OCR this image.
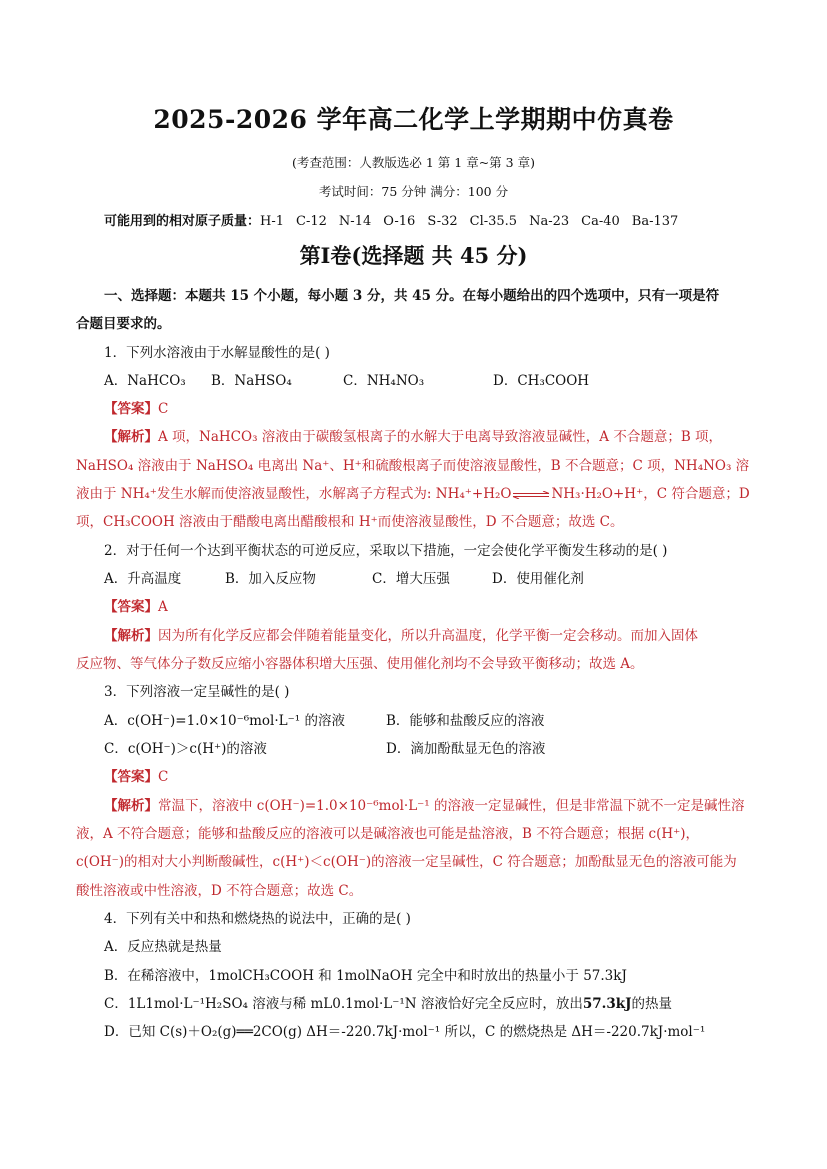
2025-2026 学年高二化学上学期期中仿真卷
(考查范围：人教版选必 1 第 1 章~第 3 章)
考试时间：75 分钟 满分：100 分
可能用到的相对原子质量：H-1 C-12 N-14 O-16 S-32 Cl-35.5 Na-23 Ca-40 Ba-137
第Ⅰ卷(选择题 共 45 分)
一、选择题：本题共 15 个小题，每小题 3 分，共 45 分。在每小题给出的四个选项中，只有一项是符
合题目要求的。
1．下列水溶液由于水解显酸性的是( )
A．NaHCO₃ B．NaHSO₄	C．NH₄NO₃	D．CH₃COOH
【答案】C
【解析】A 项，NaHCO₃ 溶液由于碳酸氢根离子的水解大于电离导致溶液显碱性，A 不合题意；B 项，
NaHSO₄ 溶液由于 NaHSO₄ 电离出 Na⁺、H⁺和硫酸根离子而使溶液显酸性，B 不合题意；C 项，NH₄NO₃ 溶
液由于 NH₄⁺发生水解而使溶液显酸性，水解离子方程式为: NH₄⁺+H₂O⇌NH₃·H₂O+H⁺，C 符合题意；D
项，CH₃COOH 溶液由于醋酸电离出醋酸根和 H⁺而使溶液显酸性，D 不合题意；故选 C。
2．对于任何一个达到平衡状态的可逆反应，采取以下措施，一定会使化学平衡发生移动的是( )
A．升高温度	B．加入反应物	C．增大压强	D．使用催化剂
【答案】A
【解析】因为所有化学反应都会伴随着能量变化，所以升高温度，化学平衡一定会移动。而加入固体
反应物、等气体分子数反应缩小容器体积增大压强、使用催化剂均不会导致平衡移动；故选 A。
3．下列溶液一定呈碱性的是( )
A．c(OH⁻)=1.0×10⁻⁶mol·L⁻¹ 的溶液	B．能够和盐酸反应的溶液
C．c(OH⁻)＞c(H⁺)的溶液	D．滴加酚酞显无色的溶液
【答案】C
【解析】常温下，溶液中 c(OH⁻)=1.0×10⁻⁶mol·L⁻¹ 的溶液一定显碱性，但是非常温下就不一定是碱性溶
液，A 不符合题意；能够和盐酸反应的溶液可以是碱溶液也可能是盐溶液，B 不符合题意；根据 c(H⁺)，
c(OH⁻)的相对大小判断酸碱性，c(H⁺)＜c(OH⁻)的溶液一定呈碱性，C 符合题意；加酚酞显无色的溶液可能为
酸性溶液或中性溶液，D 不符合题意；故选 C。
4．下列有关中和热和燃烧热的说法中，正确的是( )
A．反应热就是热量
B．在稀溶液中，1molCH₃COOH 和 1molNaOH 完全中和时放出的热量小于 57.3kJ
C．1L1mol·L⁻¹H₂SO₄ 溶液与稀 mL0.1mol·L⁻¹N 溶液恰好完全反应时，放出57.3kJ的热量
D．已知 C(s)＋O₂(g)══2CO(g) ΔH＝-220.7kJ·mol⁻¹ 所以，C 的燃烧热是 ΔH＝-220.7kJ·mol⁻¹
